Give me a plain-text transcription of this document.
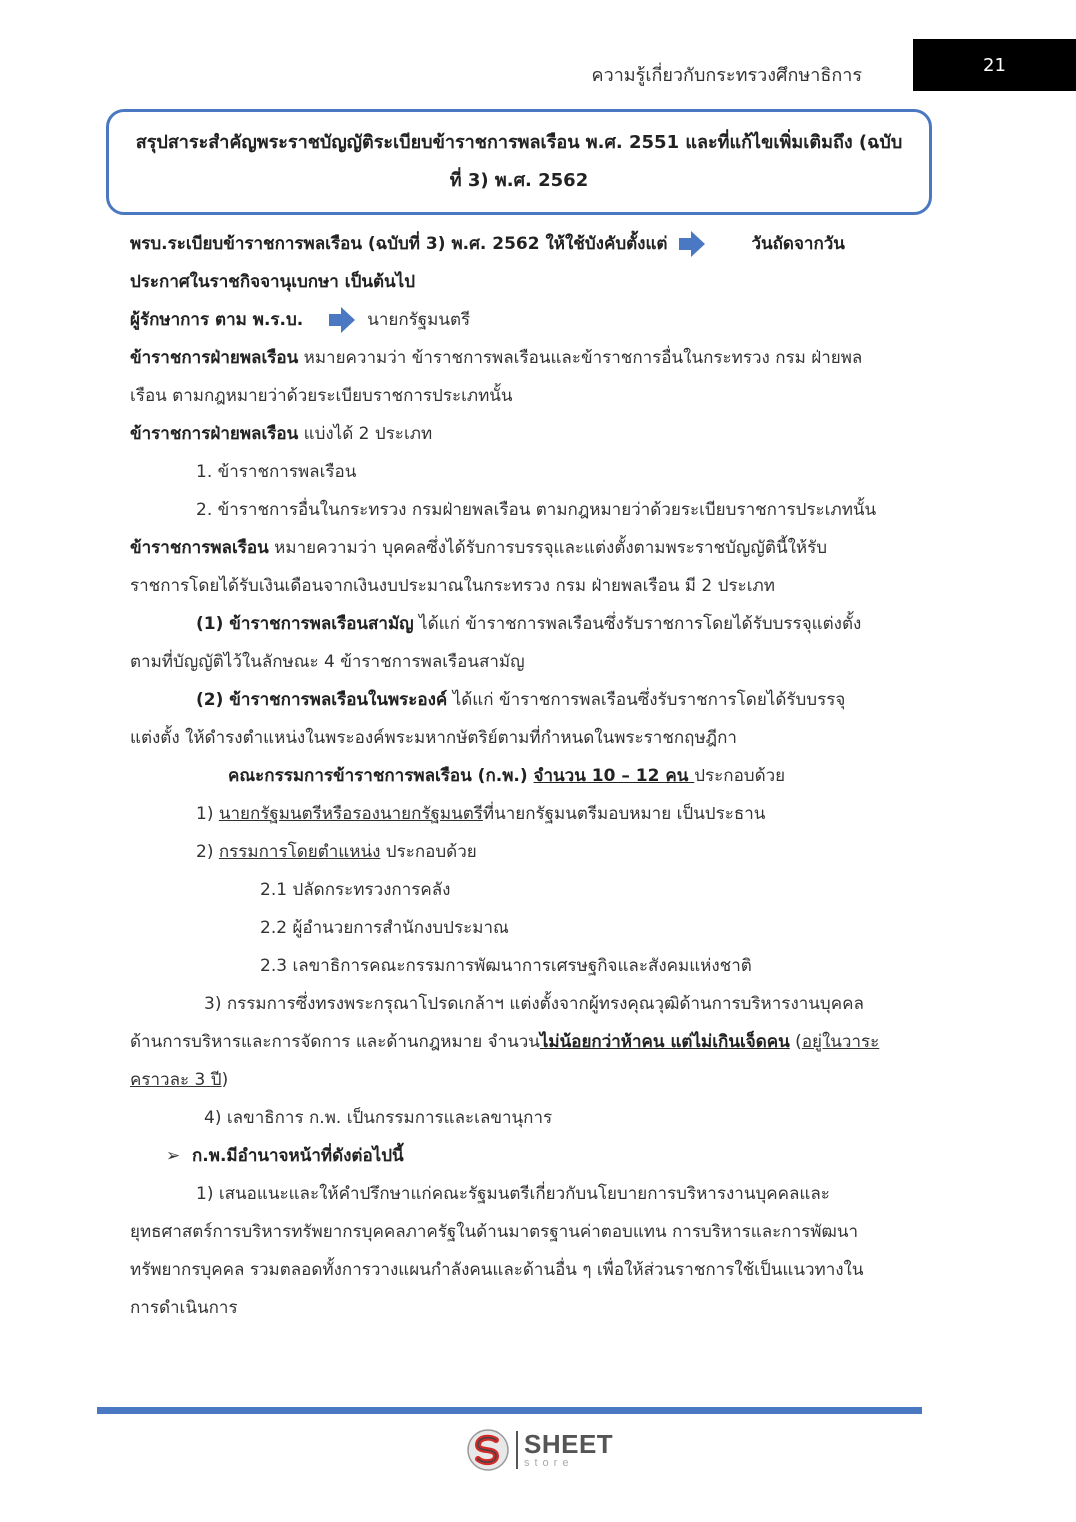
ความรู้เกี่ยวกับกระทรวงศึกษาธิการ	21
สรุปสาระสำคัญพระราชบัญญัติระเบียบข้าราชการพลเรือน พ.ศ. 2551 และที่แก้ไขเพิ่มเติมถึง (ฉบับ
ที่ 3) พ.ศ. 2562

พรบ.ระเบียบข้าราชการพลเรือน (ฉบับที่ 3) พ.ศ. 2562 ให้ใช้บังคับตั้งแต่	วันถัดจากวัน

ประกาศในราชกิจจานุเบกษา เป็นต้นไป

ผู้รักษาการ ตาม พ.ร.บ.	นายกรัฐมนตรี

ข้าราชการฝ่ายพลเรือน หมายความว่า ข้าราชการพลเรือนและข้าราชการอื่นในกระทรวง กรม ฝ่ายพล

เรือน ตามกฎหมายว่าด้วยระเบียบราชการประเภทนั้น

ข้าราชการฝ่ายพลเรือน แบ่งได้ 2 ประเภท

1. ข้าราชการพลเรือน

2. ข้าราชการอื่นในกระทรวง กรมฝ่ายพลเรือน ตามกฎหมายว่าด้วยระเบียบราชการประเภทนั้น

ข้าราชการพลเรือน หมายความว่า บุคคลซึ่งได้รับการบรรจุและแต่งตั้งตามพระราชบัญญัตินี้ให้รับ

ราชการโดยได้รับเงินเดือนจากเงินงบประมาณในกระทรวง กรม ฝ่ายพลเรือน มี 2 ประเภท

(1) ข้าราชการพลเรือนสามัญ ได้แก่ ข้าราชการพลเรือนซึ่งรับราชการโดยได้รับบรรจุแต่งตั้ง

ตามที่บัญญัติไว้ในลักษณะ 4 ข้าราชการพลเรือนสามัญ

(2) ข้าราชการพลเรือนในพระองค์ ได้แก่ ข้าราชการพลเรือนซึ่งรับราชการโดยได้รับบรรจุ

แต่งตั้ง ให้ดำรงตำแหน่งในพระองค์พระมหากษัตริย์ตามที่กำหนดในพระราชกฤษฎีกา

คณะกรรมการข้าราชการพลเรือน (ก.พ.) จำนวน 10 – 12 คน ประกอบด้วย

1) นายกรัฐมนตรีหรือรองนายกรัฐมนตรีที่นายกรัฐมนตรีมอบหมาย เป็นประธาน

2) กรรมการโดยตำแหน่ง ประกอบด้วย

2.1 ปลัดกระทรวงการคลัง

2.2 ผู้อำนวยการสำนักงบประมาณ

2.3 เลขาธิการคณะกรรมการพัฒนาการเศรษฐกิจและสังคมแห่งชาติ

3) กรรมการซึ่งทรงพระกรุณาโปรดเกล้าฯ แต่งตั้งจากผู้ทรงคุณวุฒิด้านการบริหารงานบุคคล

ด้านการบริหารและการจัดการ และด้านกฎหมาย จำนวนไม่น้อยกว่าห้าคน แต่ไม่เกินเจ็ดคน (อยู่ในวาระ

คราวละ 3 ปี)

4) เลขาธิการ ก.พ. เป็นกรรมการและเลขานุการ

➢ ก.พ.มีอำนาจหน้าที่ดังต่อไปนี้

1) เสนอแนะและให้คำปรึกษาแก่คณะรัฐมนตรีเกี่ยวกับนโยบายการบริหารงานบุคคลและ

ยุทธศาสตร์การบริหารทรัพยากรบุคคลภาครัฐในด้านมาตรฐานค่าตอบแทน การบริหารและการพัฒนา

ทรัพยากรบุคคล รวมตลอดทั้งการวางแผนกำลังคนและด้านอื่น ๆ เพื่อให้ส่วนราชการใช้เป็นแนวทางใน

การดำเนินการ

SHEET
store
